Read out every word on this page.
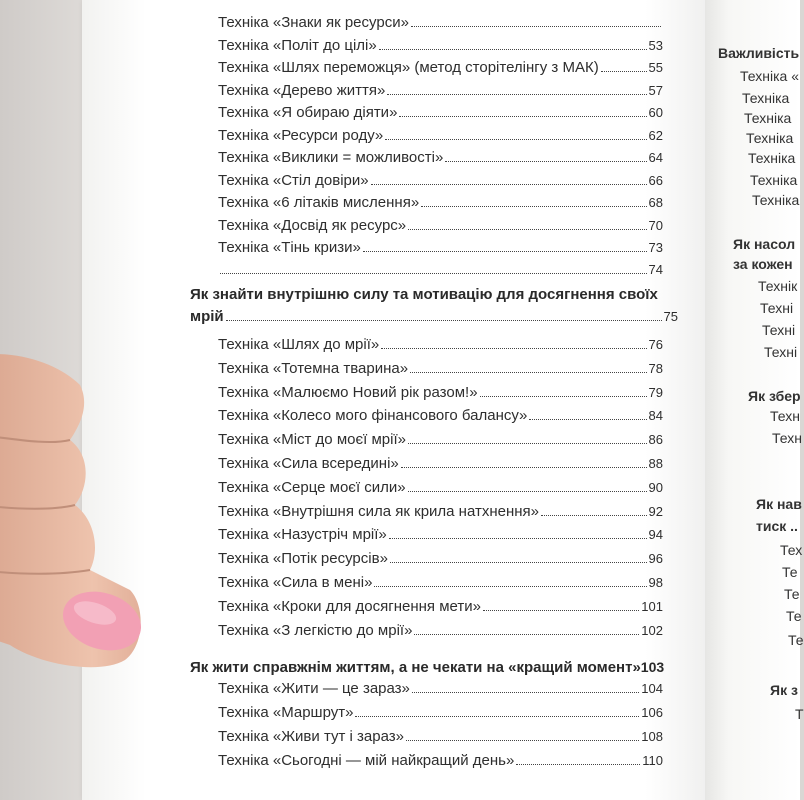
Техніка «Знаки як ресурси»
Техніка «Політ до цілі»	53
Техніка «Шлях переможця» (метод сторітелінгу з МАК)	55
Техніка «Дерево життя»	57
Техніка «Я обираю діяти»	60
Техніка «Ресурси роду»	62
Техніка «Виклики = можливості»	64
Техніка «Стіл довіри»	66
Техніка «6 літаків мислення»	68
Техніка «Досвід як ресурс»	70
Техніка «Тінь кризи»	73
74
Як знайти внутрішню силу та мотивацію для досягнення своїх
мрій	75
Техніка «Шлях до мрії»	76
Техніка «Тотемна тварина»	78
Техніка «Малюємо Новий рік разом!»	79
Техніка «Колесо мого фінансового балансу»	84
Техніка «Міст до моєї мрії»	86
Техніка «Сила всередині»	88
Техніка «Серце моєї сили»	90
Техніка «Внутрішня сила як крила натхнення»	92
Техніка «Назустріч мрії»	94
Техніка «Потік ресурсів»	96
Техніка «Сила в мені»	98
Техніка «Кроки для досягнення мети»	101
Техніка «З легкістю до мрії»	102
Як жити справжнім життям, а не чекати на «кращий момент» 103
Техніка «Жити — це зараз»	104
Техніка «Маршрут»	106
Техніка «Живи тут і зараз»	108
Техніка «Сьогодні — мій найкращий день»	110
Важливість
Техніка «
Техніка
Техніка
Техніка
Техніка
Техніка
Техніка
Як насол
за кожен
Технік
Техні
Техні
Техні
Як збер
Техн
Техн
Як нав
тиск ..
Тех
Те
Те
Те
Те
Як з
Т
